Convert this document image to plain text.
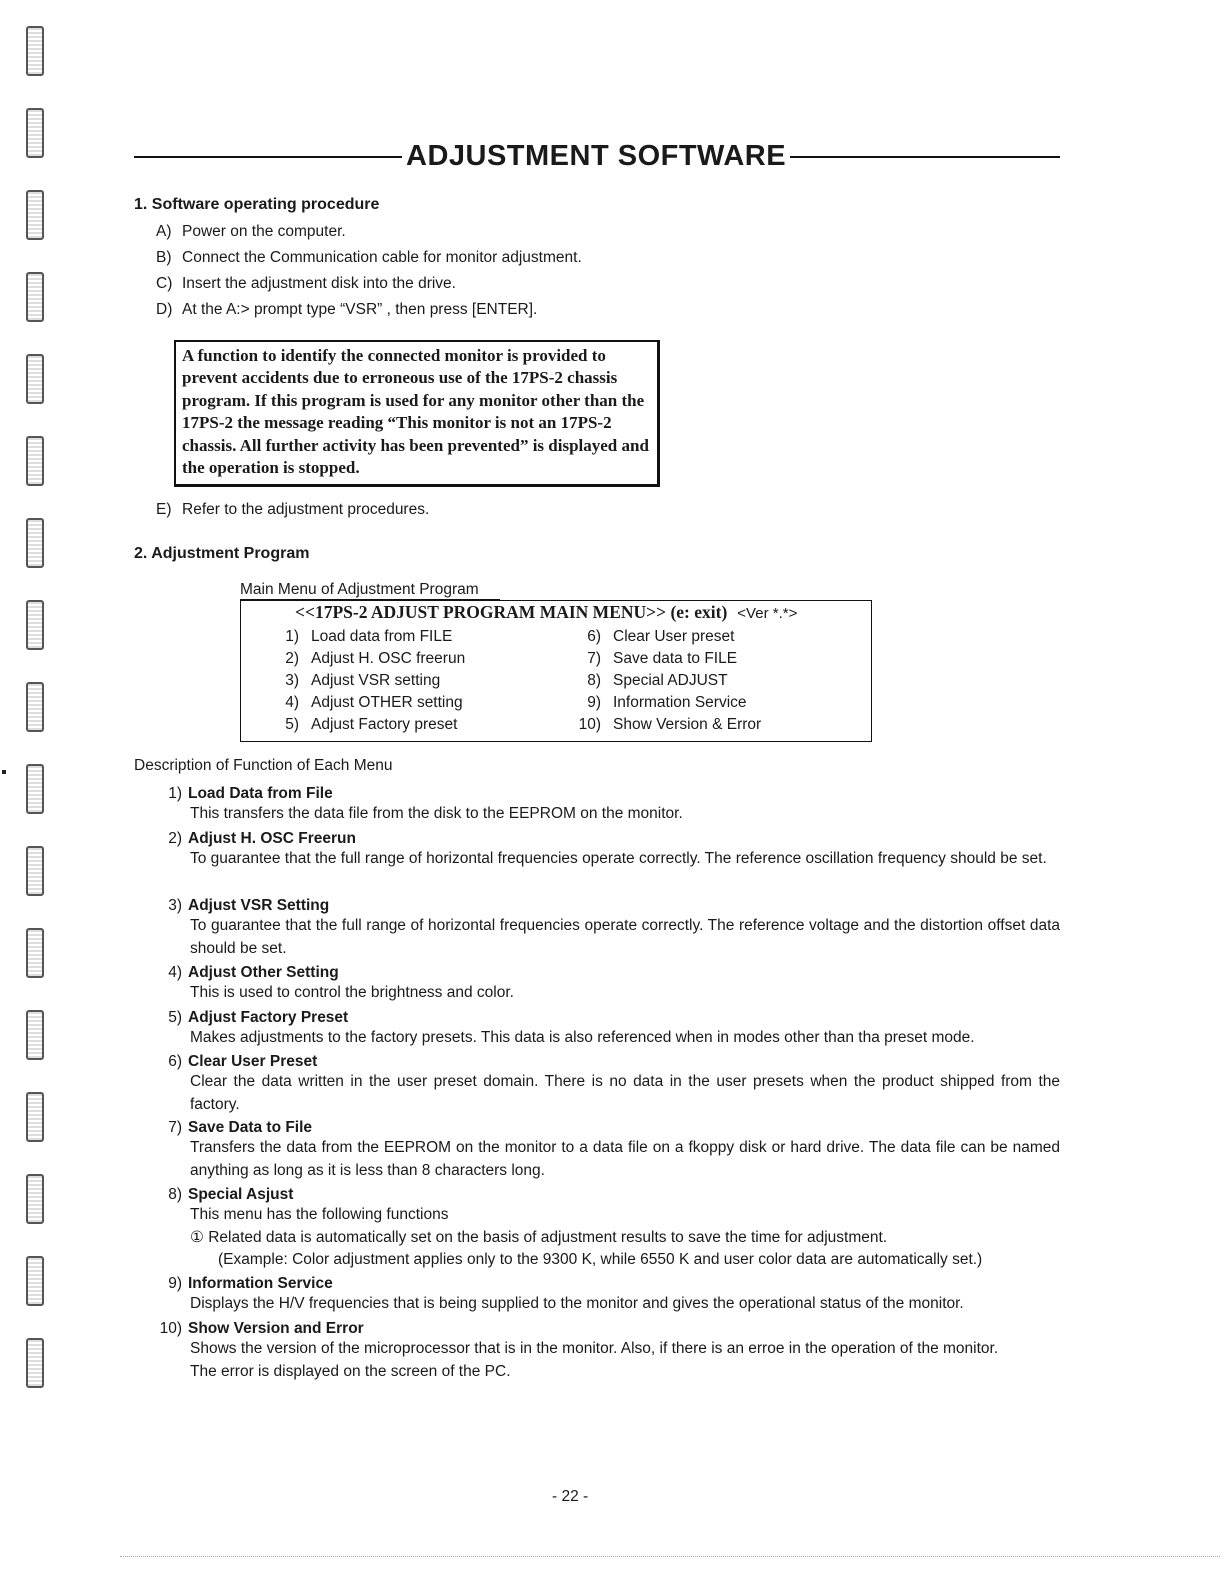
ADJUSTMENT SOFTWARE
1. Software operating procedure
A) Power on the computer.
B) Connect the Communication cable for monitor adjustment.
C) Insert the adjustment disk into the drive.
D) At the A:> prompt type “VSR” , then press [ENTER].
A function to identify the connected monitor is provided to prevent accidents due to erroneous use of the 17PS-2 chassis program. If this program is used for any monitor other than the 17PS-2 the message reading “This monitor is not an 17PS-2 chassis. All further activity has been prevented” is displayed and the operation is stopped.
E) Refer to the adjustment procedures.
2. Adjustment Program
Main Menu of Adjustment Program
<<17PS-2 ADJUST PROGRAM MAIN MENU>> (e: exit) <Ver *.*>
1) Load data from FILE
2) Adjust H. OSC freerun
3) Adjust VSR setting
4) Adjust OTHER setting
5) Adjust Factory preset
6) Clear User preset
7) Save data to FILE
8) Special ADJUST
9) Information Service
10) Show Version & Error
Description of Function of Each Menu
1) Load Data from File
This transfers the data file from the disk to the EEPROM on the monitor.
2) Adjust H. OSC Freerun
To guarantee that the full range of horizontal frequencies operate correctly. The reference oscillation frequency should be set.
3) Adjust VSR Setting
To guarantee that the full range of horizontal frequencies operate correctly. The reference voltage and the distortion offset data should be set.
4) Adjust Other Setting
This is used to control the brightness and color.
5) Adjust Factory Preset
Makes adjustments to the factory presets. This data is also referenced when in modes other than tha preset mode.
6) Clear User Preset
Clear the data written in the user preset domain. There is no data in the user presets when the product shipped from the factory.
7) Save Data to File
Transfers the data from the EEPROM on the monitor to a data file on a fkoppy disk or hard drive. The data file can be named anything as long as it is less than 8 characters long.
8) Special Asjust
This menu has the following functions
① Related data is automatically set on the basis of adjustment results to save the time for adjustment.
(Example: Color adjustment applies only to the 9300 K, while 6550 K and user color data are automatically set.)
9) Information Service
Displays the H/V frequencies that is being supplied to the monitor and gives the operational status of the monitor.
10) Show Version and Error
Shows the version of the microprocessor that is in the monitor. Also, if there is an erroe in the operation of the monitor.
The error is displayed on the screen of the PC.
- 22 -
